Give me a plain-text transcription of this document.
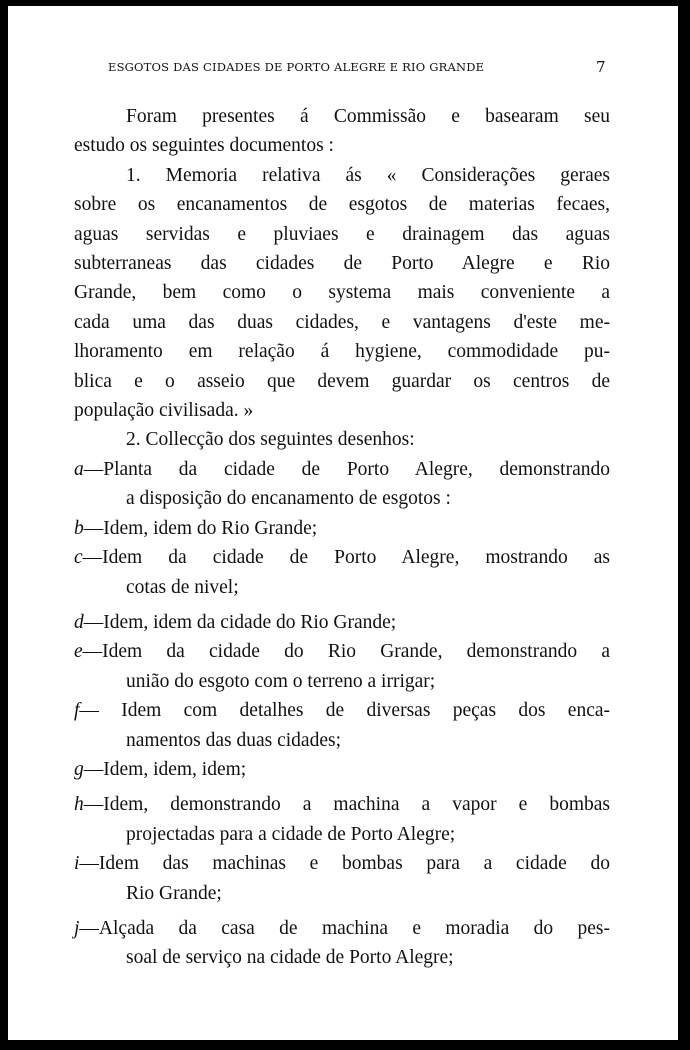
ESGOTOS DAS CIDADES DE PORTO ALEGRE E RIO GRANDE	7
Foram presentes á Commissão e basearam seu
estudo os seguintes documentos :
1. Memoria relativa ás « Considerações geraes
sobre os encanamentos de esgotos de materias fecaes,
aguas servidas e pluviaes e drainagem das aguas
subterraneas das cidades de Porto Alegre e Rio
Grande, bem como o systema mais conveniente a
cada uma das duas cidades, e vantagens d'este me-
lhoramento em relação á hygiene, commodidade pu-
blica e o asseio que devem guardar os centros de
população civilisada. »
2. Collecção dos seguintes desenhos:
a—Planta da cidade de Porto Alegre, demonstrando
a disposição do encanamento de esgotos :
b—Idem, idem do Rio Grande;
c—Idem da cidade de Porto Alegre, mostrando as
cotas de nivel;
d—Idem, idem da cidade do Rio Grande;
e—Idem da cidade do Rio Grande, demonstrando a
união do esgoto com o terreno a irrigar;
f— Idem com detalhes de diversas peças dos enca-
namentos das duas cidades;
g—Idem, idem, idem;
h—Idem, demonstrando a machina a vapor e bombas
projectadas para a cidade de Porto Alegre;
i—Idem das machinas e bombas para a cidade do
Rio Grande;
j—Alçada da casa de machina e moradia do pes-
soal de serviço na cidade de Porto Alegre;
